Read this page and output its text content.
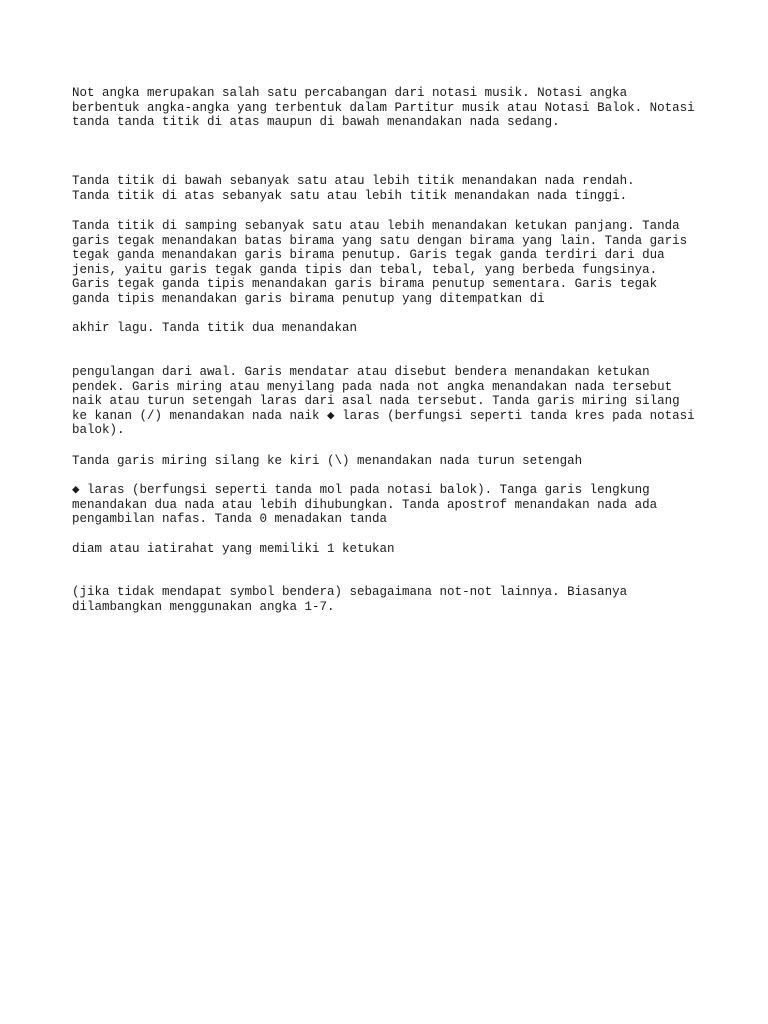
Not angka merupakan salah satu percabangan dari notasi musik. Notasi angka
berbentuk angka-angka yang terbentuk dalam Partitur musik atau Notasi Balok. Notasi
tanda tanda titik di atas maupun di bawah menandakan nada sedang.

Tanda titik di bawah sebanyak satu atau lebih titik menandakan nada rendah.
Tanda titik di atas sebanyak satu atau lebih titik menandakan nada tinggi.

Tanda titik di samping sebanyak satu atau lebih menandakan ketukan panjang. Tanda
garis tegak menandakan batas birama yang satu dengan birama yang lain. Tanda garis
tegak ganda menandakan garis birama penutup. Garis tegak ganda terdiri dari dua
jenis, yaitu garis tegak ganda tipis dan tebal, tebal, yang berbeda fungsinya.
Garis tegak ganda tipis menandakan garis birama penutup sementara. Garis tegak
ganda tipis menandakan garis birama penutup yang ditempatkan di

akhir lagu. Tanda titik dua menandakan

pengulangan dari awal. Garis mendatar atau disebut bendera menandakan ketukan
pendek. Garis miring atau menyilang pada nada not angka menandakan nada tersebut
naik atau turun setengah laras dari asal nada tersebut. Tanda garis miring silang
ke kanan (/) menandakan nada naik ◆ laras (berfungsi seperti tanda kres pada notasi
balok).

Tanda garis miring silang ke kiri (\) menandakan nada turun setengah

◆ laras (berfungsi seperti tanda mol pada notasi balok). Tanga garis lengkung
menandakan dua nada atau lebih dihubungkan. Tanda apostrof menandakan nada ada
pengambilan nafas. Tanda 0 menadakan tanda

diam atau iatirahat yang memiliki 1 ketukan

(jika tidak mendapat symbol bendera) sebagaimana not-not lainnya. Biasanya
dilambangkan menggunakan angka 1-7.
